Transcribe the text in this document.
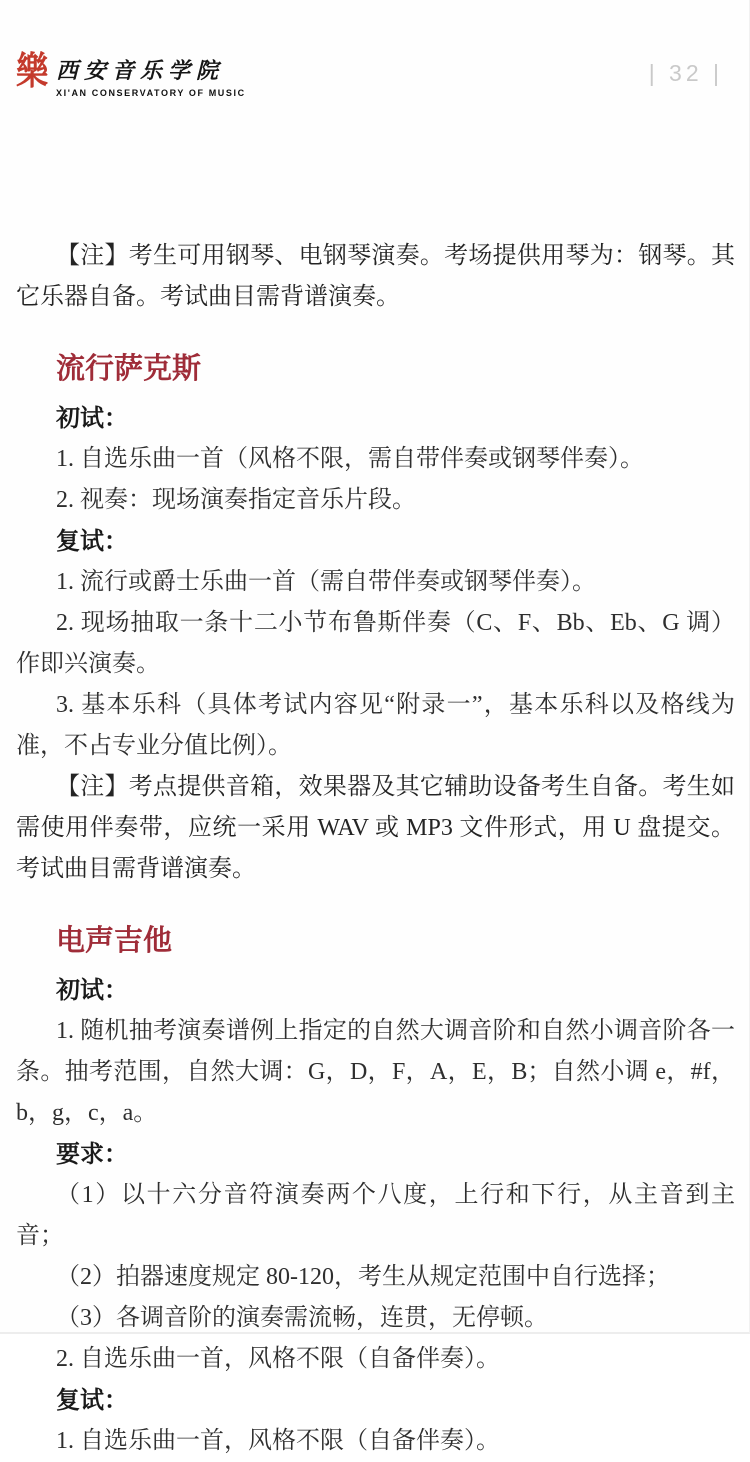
樂 西安音乐学院
XI'AN CONSERVATORY OF MUSIC
| 32 |

【注】考生可用钢琴、电钢琴演奏。考场提供用琴为：钢琴。其它乐器自备。考试曲目需背谱演奏。

流行萨克斯
初试：

1. 自选乐曲一首（风格不限，需自带伴奏或钢琴伴奏）。

2. 视奏：现场演奏指定音乐片段。

复试：

1. 流行或爵士乐曲一首（需自带伴奏或钢琴伴奏）。

2. 现场抽取一条十二小节布鲁斯伴奏（C、F、Bb、Eb、G 调）作即兴演奏。

3. 基本乐科（具体考试内容见“附录一”，基本乐科以及格线为准，不占专业分值比例）。

【注】考点提供音箱，效果器及其它辅助设备考生自备。考生如需使用伴奏带，应统一采用 WAV 或 MP3 文件形式，用 U 盘提交。考试曲目需背谱演奏。

电声吉他
初试：

1. 随机抽考演奏谱例上指定的自然大调音阶和自然小调音阶各一条。抽考范围，自然大调：G，D，F，A，E，B；自然小调 e，#f，b，g，c，a。

要求：

（1）以十六分音符演奏两个八度，上行和下行，从主音到主音；

（2）拍器速度规定 80-120，考生从规定范围中自行选择；

（3）各调音阶的演奏需流畅，连贯，无停顿。

2. 自选乐曲一首，风格不限（自备伴奏）。

复试：

1. 自选乐曲一首，风格不限（自备伴奏）。
